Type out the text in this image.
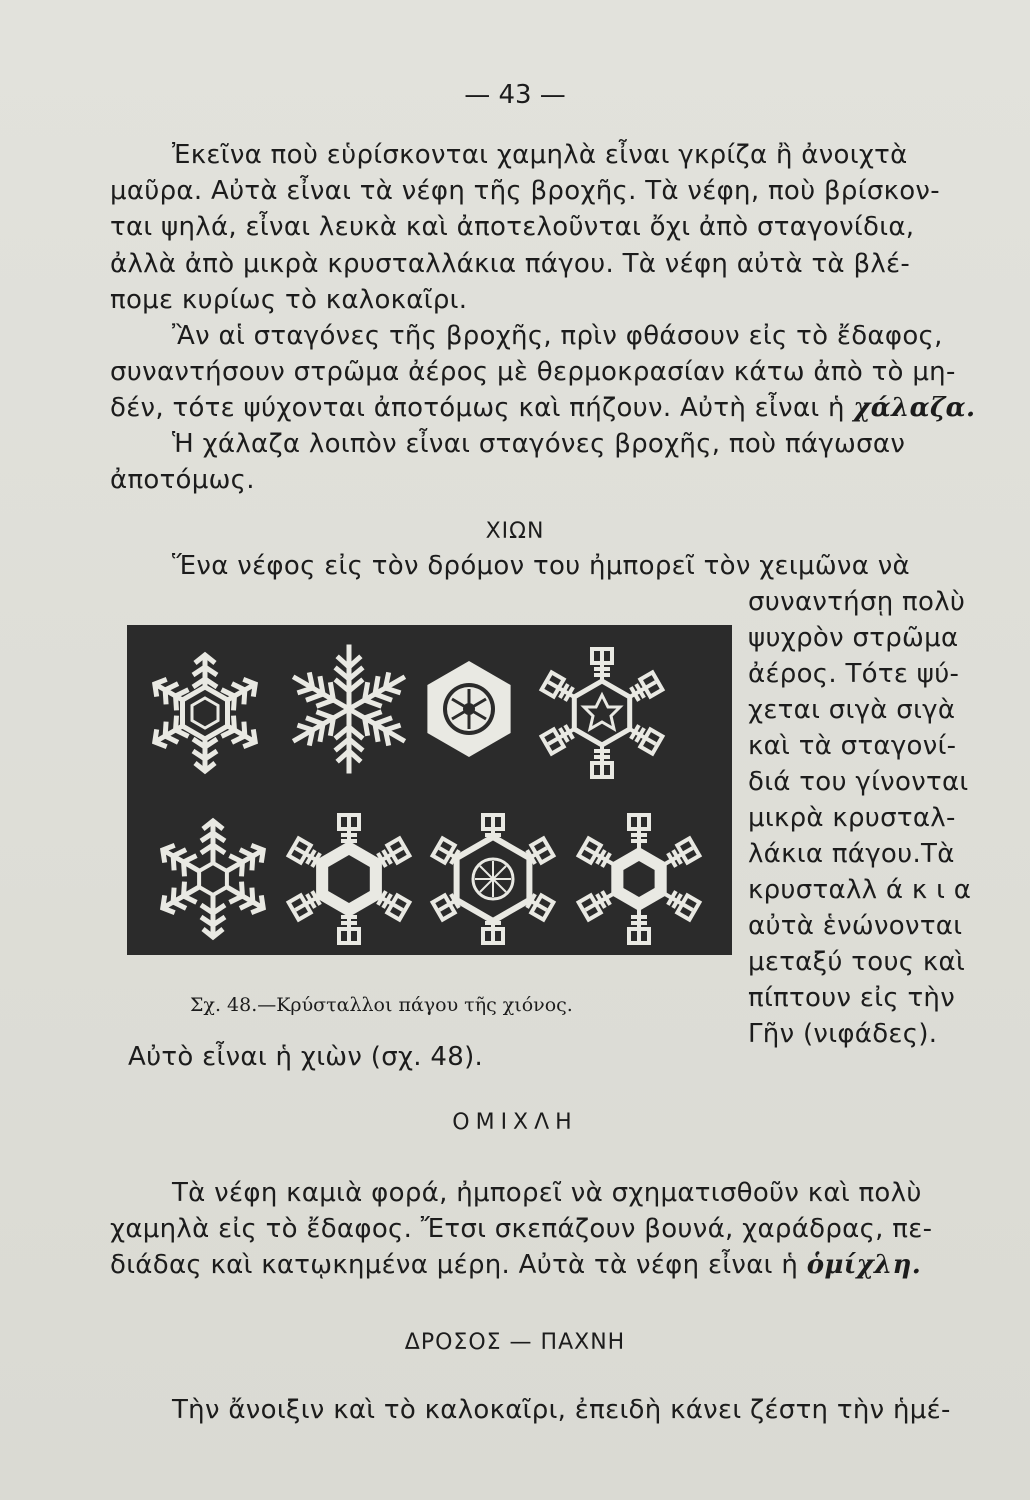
— 43 —
Ἐκεῖνα ποὺ εὑρίσκονται χαμηλὰ εἶναι γκρίζα ἢ ἀνοιχτὰ
μαῦρα. Αὐτὰ εἶναι τὰ νέφη τῆς βροχῆς. Τὰ νέφη, ποὺ βρίσκον-
ται ψηλά, εἶναι λευκὰ καὶ ἀποτελοῦνται ὄχι ἀπὸ σταγονίδια,
ἀλλὰ ἀπὸ μικρὰ κρυσταλλάκια πάγου. Τὰ νέφη αὐτὰ τὰ βλέ-
πομε κυρίως τὸ καλοκαῖρι.
Ἂν αἱ σταγόνες τῆς βροχῆς, πρὶν φθάσουν εἰς τὸ ἔδαφος,
συναντήσουν στρῶμα ἀέρος μὲ θερμοκρασίαν κάτω ἀπὸ τὸ μη-
δέν, τότε ψύχονται ἀποτόμως καὶ πήζουν. Αὐτὴ εἶναι ἡ χάλαζα.
Ἡ χάλαζα λοιπὸν εἶναι σταγόνες βροχῆς, ποὺ πάγωσαν
ἀποτόμως.
ΧΙΩΝ
Ἕνα νέφος εἰς τὸν δρόμον του ἠμπορεῖ τὸν χειμῶνα νὰ
συναντήσῃ πολὺ
ψυχρὸν στρῶμα
ἀέρος. Τότε ψύ-
χεται σιγὰ σιγὰ
καὶ τὰ σταγονί-
διά του γίνονται
μικρὰ κρυσταλ-
λάκια πάγου.Τὰ
κρυσταλλ ά κ ι α
αὐτὰ ἑνώνονται
μεταξύ τους καὶ
πίπτουν εἰς τὴν
Γῆν (νιφάδες).
Σχ. 48.—Κρύσταλλοι πάγου τῆς χιόνος.
Αὐτὸ εἶναι ἡ χιὼν (σχ. 48).
ΟΜΙΧΛΗ
Τὰ νέφη καμιὰ φορά, ἠμπορεῖ νὰ σχηματισθοῦν καὶ πολὺ
χαμηλὰ εἰς τὸ ἔδαφος. Ἔτσι σκεπάζουν βουνά, χαράδρας, πε-
διάδας καὶ κατῳκημένα μέρη. Αὐτὰ τὰ νέφη εἶναι ἡ ὁμίχλη.
ΔΡΟΣΟΣ — ΠΑΧΝΗ
Τὴν ἄνοιξιν καὶ τὸ καλοκαῖρι, ἐπειδὴ κάνει ζέστη τὴν ἡμέ-
